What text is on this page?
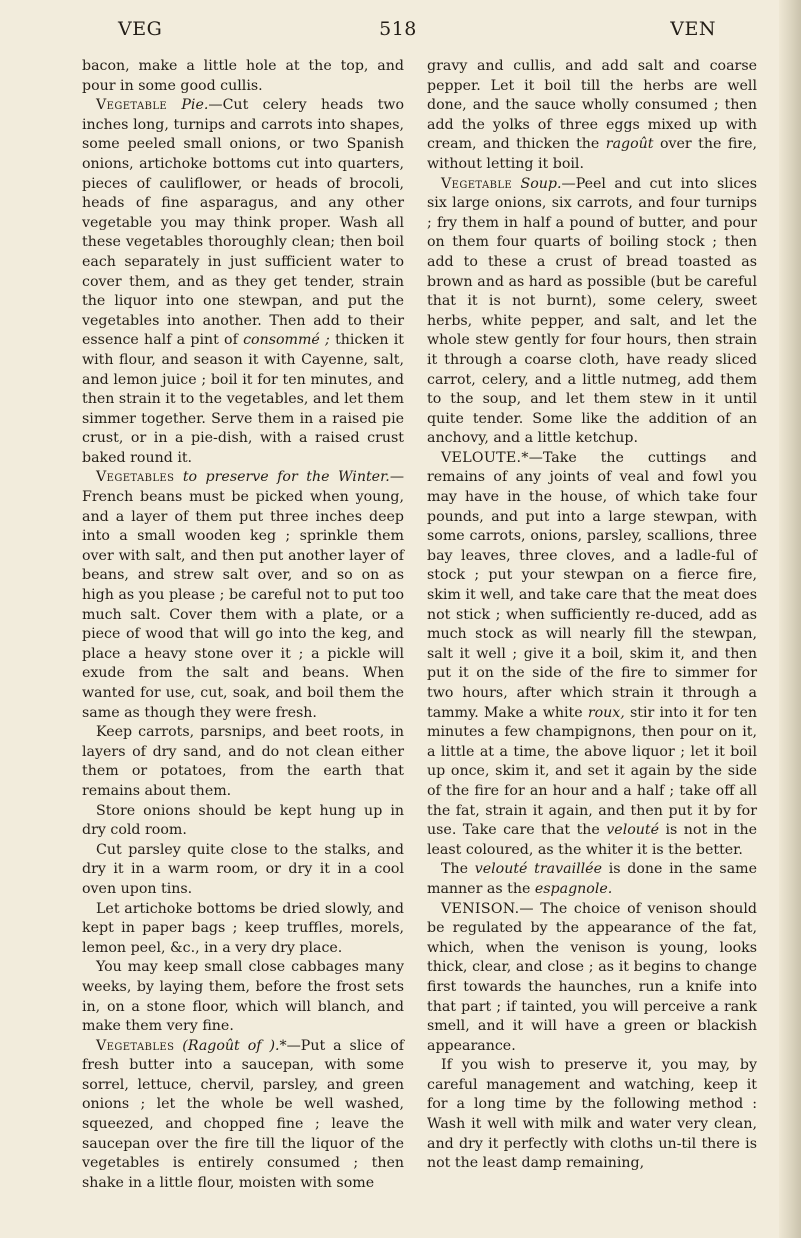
VEG	518	VEN

bacon, make a little hole at the top, and pour in some good cullis.

Vegetable Pie.—Cut celery heads two inches long, turnips and carrots into shapes, some peeled small onions, or two Spanish onions, artichoke bottoms cut into quarters, pieces of cauliflower, or heads of brocoli, heads of fine asparagus, and any other vegetable you may think proper. Wash all these vegetables thoroughly clean; then boil each separately in just sufficient water to cover them, and as they get tender, strain the liquor into one stewpan, and put the vegetables into another. Then add to their essence half a pint of consommé ; thicken it with flour, and season it with Cayenne, salt, and lemon juice ; boil it for ten minutes, and then strain it to the vegetables, and let them simmer together. Serve them in a raised pie crust, or in a pie-dish, with a raised crust baked round it.

Vegetables to preserve for the Winter.—French beans must be picked when young, and a layer of them put three inches deep into a small wooden keg ; sprinkle them over with salt, and then put another layer of beans, and strew salt over, and so on as high as you please ; be careful not to put too much salt. Cover them with a plate, or a piece of wood that will go into the keg, and place a heavy stone over it ; a pickle will exude from the salt and beans. When wanted for use, cut, soak, and boil them the same as though they were fresh.

Keep carrots, parsnips, and beet roots, in layers of dry sand, and do not clean either them or potatoes, from the earth that remains about them.

Store onions should be kept hung up in dry cold room.

Cut parsley quite close to the stalks, and dry it in a warm room, or dry it in a cool oven upon tins.

Let artichoke bottoms be dried slowly, and kept in paper bags ; keep truffles, morels, lemon peel, &c., in a very dry place.

You may keep small close cabbages many weeks, by laying them, before the frost sets in, on a stone floor, which will blanch, and make them very fine.

Vegetables (Ragoût of ).*—Put a slice of fresh butter into a saucepan, with some sorrel, lettuce, chervil, parsley, and green onions ; let the whole be well washed, squeezed, and chopped fine ; leave the saucepan over the fire till the liquor of the vegetables is entirely consumed ; then shake in a little flour, moisten with some

gravy and cullis, and add salt and coarse pepper. Let it boil till the herbs are well done, and the sauce wholly consumed ; then add the yolks of three eggs mixed up with cream, and thicken the ragoût over the fire, without letting it boil.

Vegetable Soup.—Peel and cut into slices six large onions, six carrots, and four turnips ; fry them in half a pound of butter, and pour on them four quarts of boiling stock ; then add to these a crust of bread toasted as brown and as hard as possible (but be careful that it is not burnt), some celery, sweet herbs, white pepper, and salt, and let the whole stew gently for four hours, then strain it through a coarse cloth, have ready sliced carrot, celery, and a little nutmeg, add them to the soup, and let them stew in it until quite tender. Some like the addition of an anchovy, and a little ketchup.

VELOUTE.*—Take the cuttings and remains of any joints of veal and fowl you may have in the house, of which take four pounds, and put into a large stewpan, with some carrots, onions, parsley, scallions, three bay leaves, three cloves, and a ladle-ful of stock ; put your stewpan on a fierce fire, skim it well, and take care that the meat does not stick ; when sufficiently re-duced, add as much stock as will nearly fill the stewpan, salt it well ; give it a boil, skim it, and then put it on the side of the fire to simmer for two hours, after which strain it through a tammy. Make a white roux, stir into it for ten minutes a few champignons, then pour on it, a little at a time, the above liquor ; let it boil up once, skim it, and set it again by the side of the fire for an hour and a half ; take off all the fat, strain it again, and then put it by for use. Take care that the velouté is not in the least coloured, as the whiter it is the better.

The velouté travaillée is done in the same manner as the espagnole.

VENISON.— The choice of venison should be regulated by the appearance of the fat, which, when the venison is young, looks thick, clear, and close ; as it begins to change first towards the haunches, run a knife into that part ; if tainted, you will perceive a rank smell, and it will have a green or blackish appearance.

If you wish to preserve it, you may, by careful management and watching, keep it for a long time by the following method : Wash it well with milk and water very clean, and dry it perfectly with cloths un-til there is not the least damp remaining,
